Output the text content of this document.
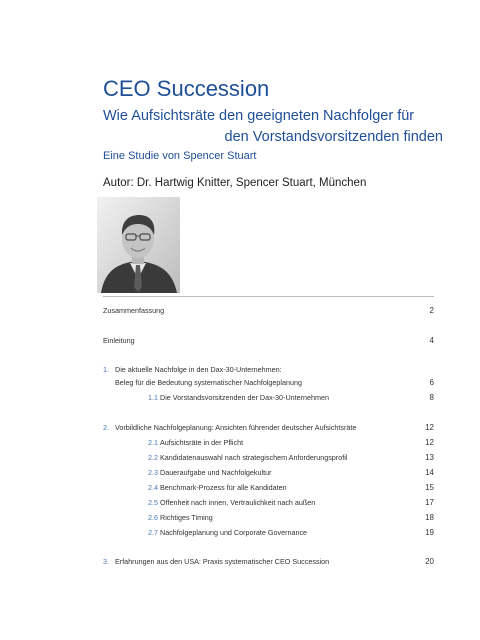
CEO Succession
Wie Aufsichtsräte den geeigneten Nachfolger für
den Vorstandsvorsitzenden finden
Eine Studie von Spencer Stuart
Autor: Dr. Hartwig Knitter, Spencer Stuart, München
Zusammenfassung	2
Einleitung	4
1. Die aktuelle Nachfolge in den Dax-30-Unternehmen:
Beleg für die Bedeutung systematischer Nachfolgeplanung	6
1.1 Die Vorstandsvorsitzenden der Dax-30-Unternehmen	8
2. Vorbildliche Nachfolgeplanung: Ansichten führender deutscher Aufsichtsräte	12
2.1 Aufsichtsräte in der Pflicht	12
2.2 Kandidatenauswahl nach strategischem Anforderungsprofil	13
2.3 Daueraufgabe und Nachfolgekultur	14
2.4 Benchmark-Prozess für alle Kandidaten	15
2.5 Offenheit nach innen, Vertraulichkeit nach außen	17
2.6 Richtiges Timing	18
2.7 Nachfolgeplanung und Corporate Governance	19
3. Erfahrungen aus den USA: Praxis systematischer CEO Succession	20
